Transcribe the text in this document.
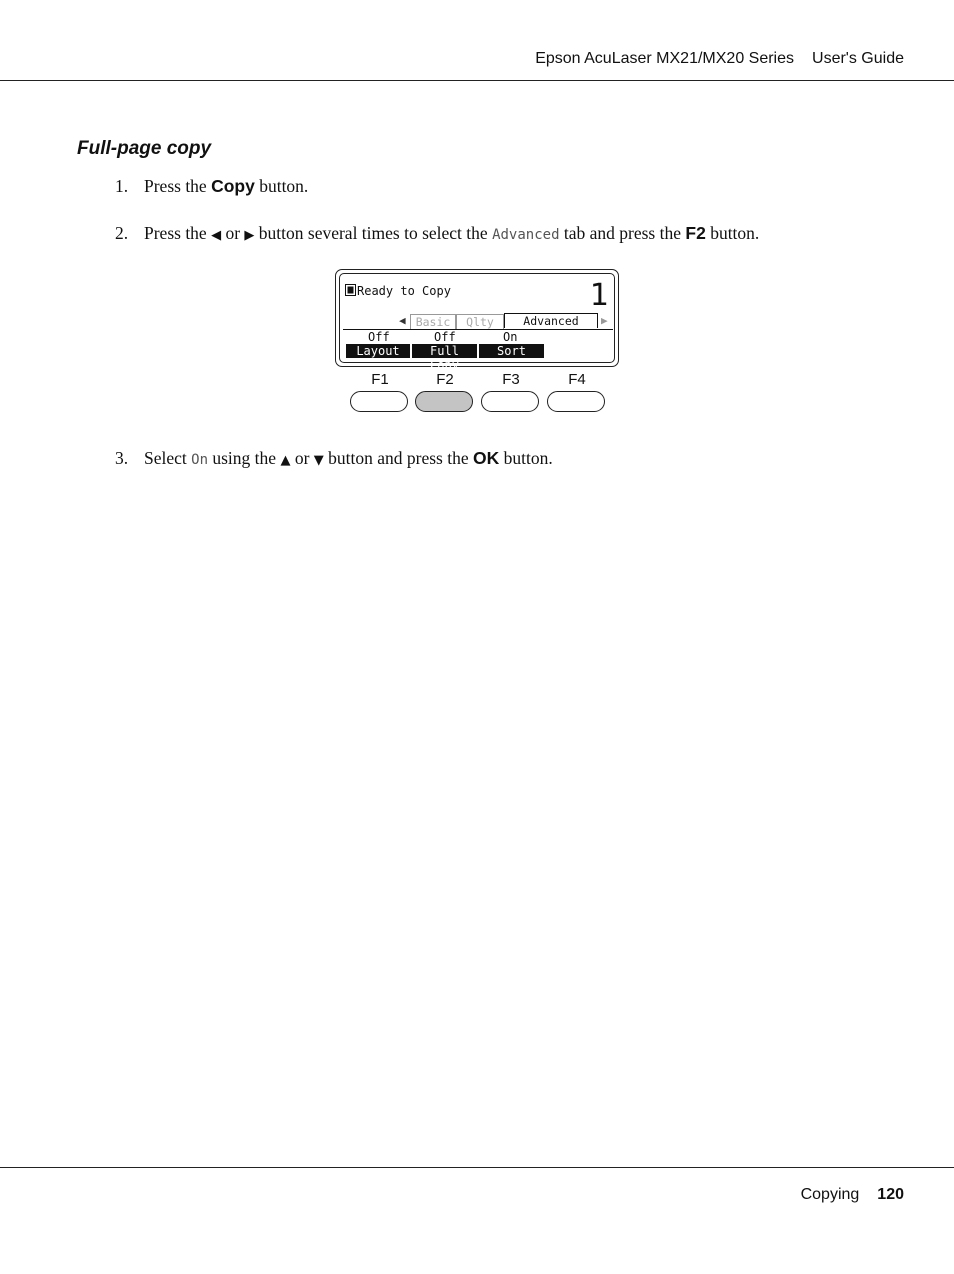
Epson AcuLaser MX21/MX20 Series User's Guide
Full-page copy
1. Press the Copy button.
2. Press the ◀ or ▶ button several times to select the Advanced tab and press the F2 button.
Ready to Copy	1
◀ Basic	Qlty	Advanced	▶
Off	Off	On
Layout	Full Copy
Sort
F1	F2	F3	F4
3. Select On using the ▲ or ▼ button and press the OK button.
Copying 120
